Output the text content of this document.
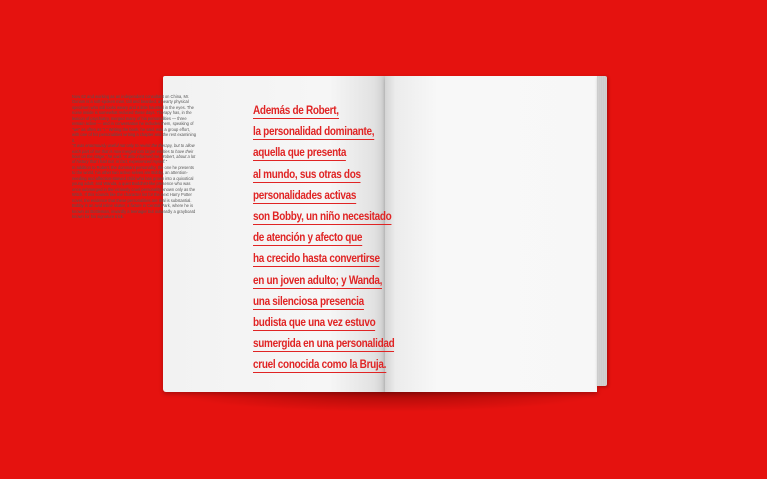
Now 62 and working as an independent consultant on China, Mr. Oxnam is a soft-spoken man, tall and bearded, a hearty physical specimen who still looks weary and a little haunted in the eyes. The noise inside is somewhat reduced these days. Therapy has, in the lexicon of psychiatry, merged many of his personalities — three remain active — and in conversation he includes them, speaking of "we" as often as "I." Writing the book, he said, was a group effort, with one of his personalities writing a chapter and the rest examining it.

"It was enormously useful not only to revisit the therapy, but to allow each part of me that is now merged into larger entities to have their hour on the stage," he said. "It also informed me, Robert, about a lot of history that I had not, in fact, experienced myself."

In addition to Robert, the dominant personality, the one he presents to the world, his other two active selves are Bobby, an attention-needing and affection-starved child who has grown into a quixotical young adult; and Wanda, a quiet Buddhist-like presence who was once submerged in the viciously cruel personality known only as the Witch. If this sounds like the character list for the next Harry Potter novel, the evidence that these personalities are real is substantial. Bobby is an avid inline skater, a fixture in Central Park, where he is known as Bottleman, inwardly a teenager but outwardly a grayboard known for his signature trick.

Además de Robert,
la personalidad dominante,
aquella que presenta
al mundo, sus otras dos
personalidades activas
son Bobby, un niño necesitado
de atención y afecto que
ha crecido hasta convertirse
en un joven adulto; y Wanda,
una silenciosa presencia
budista que una vez estuvo
sumergida en una personalidad
cruel conocida como la Bruja.
